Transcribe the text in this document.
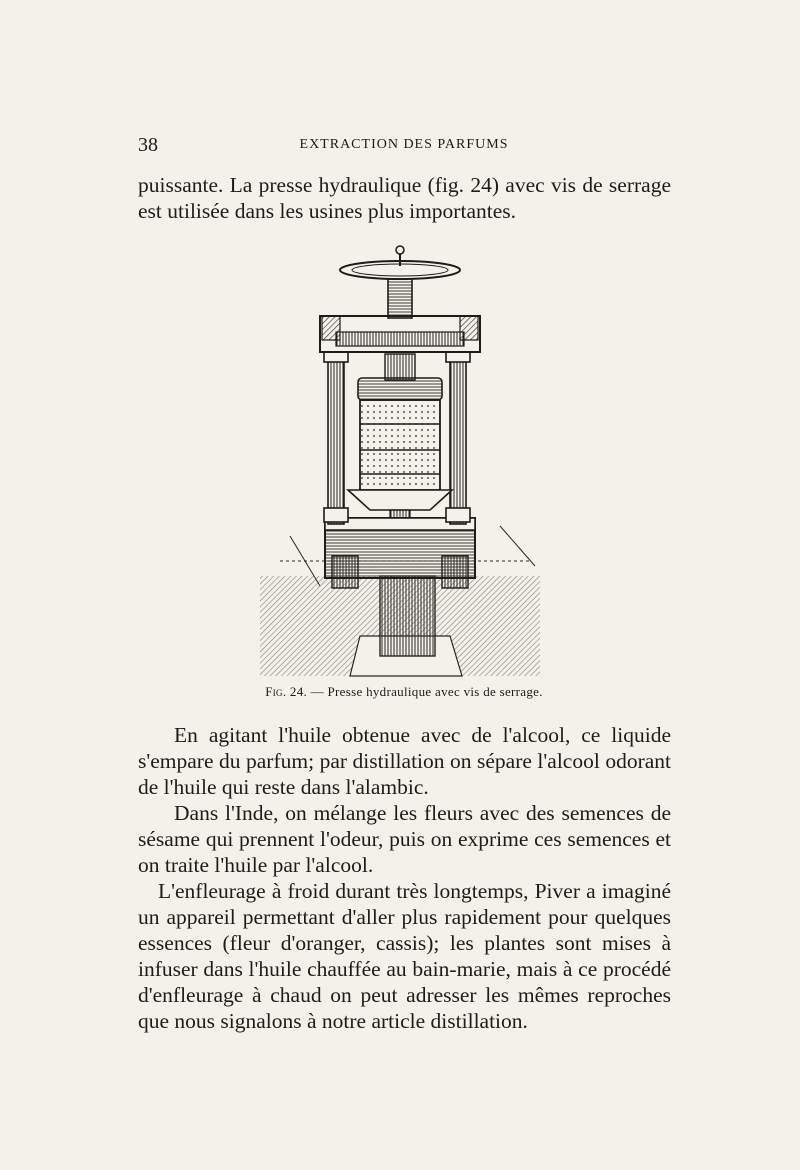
38	EXTRACTION DES PARFUMS

puissante. La presse hydraulique (fig. 24) avec vis de serrage est utilisée dans les usines plus importantes.

Fig. 24. — Presse hydraulique avec vis de serrage.

En agitant l'huile obtenue avec de l'alcool, ce liquide s'empare du parfum; par distillation on sépare l'alcool odorant de l'huile qui reste dans l'alambic.

Dans l'Inde, on mélange les fleurs avec des semences de sésame qui prennent l'odeur, puis on exprime ces semences et on traite l'huile par l'alcool.

L'enfleurage à froid durant très longtemps, Piver a imaginé un appareil permettant d'aller plus rapidement pour quelques essences (fleur d'oranger, cassis); les plantes sont mises à infuser dans l'huile chauffée au bain-marie, mais à ce procédé d'enfleurage à chaud on peut adresser les mêmes reproches que nous signalons à notre article distillation.
